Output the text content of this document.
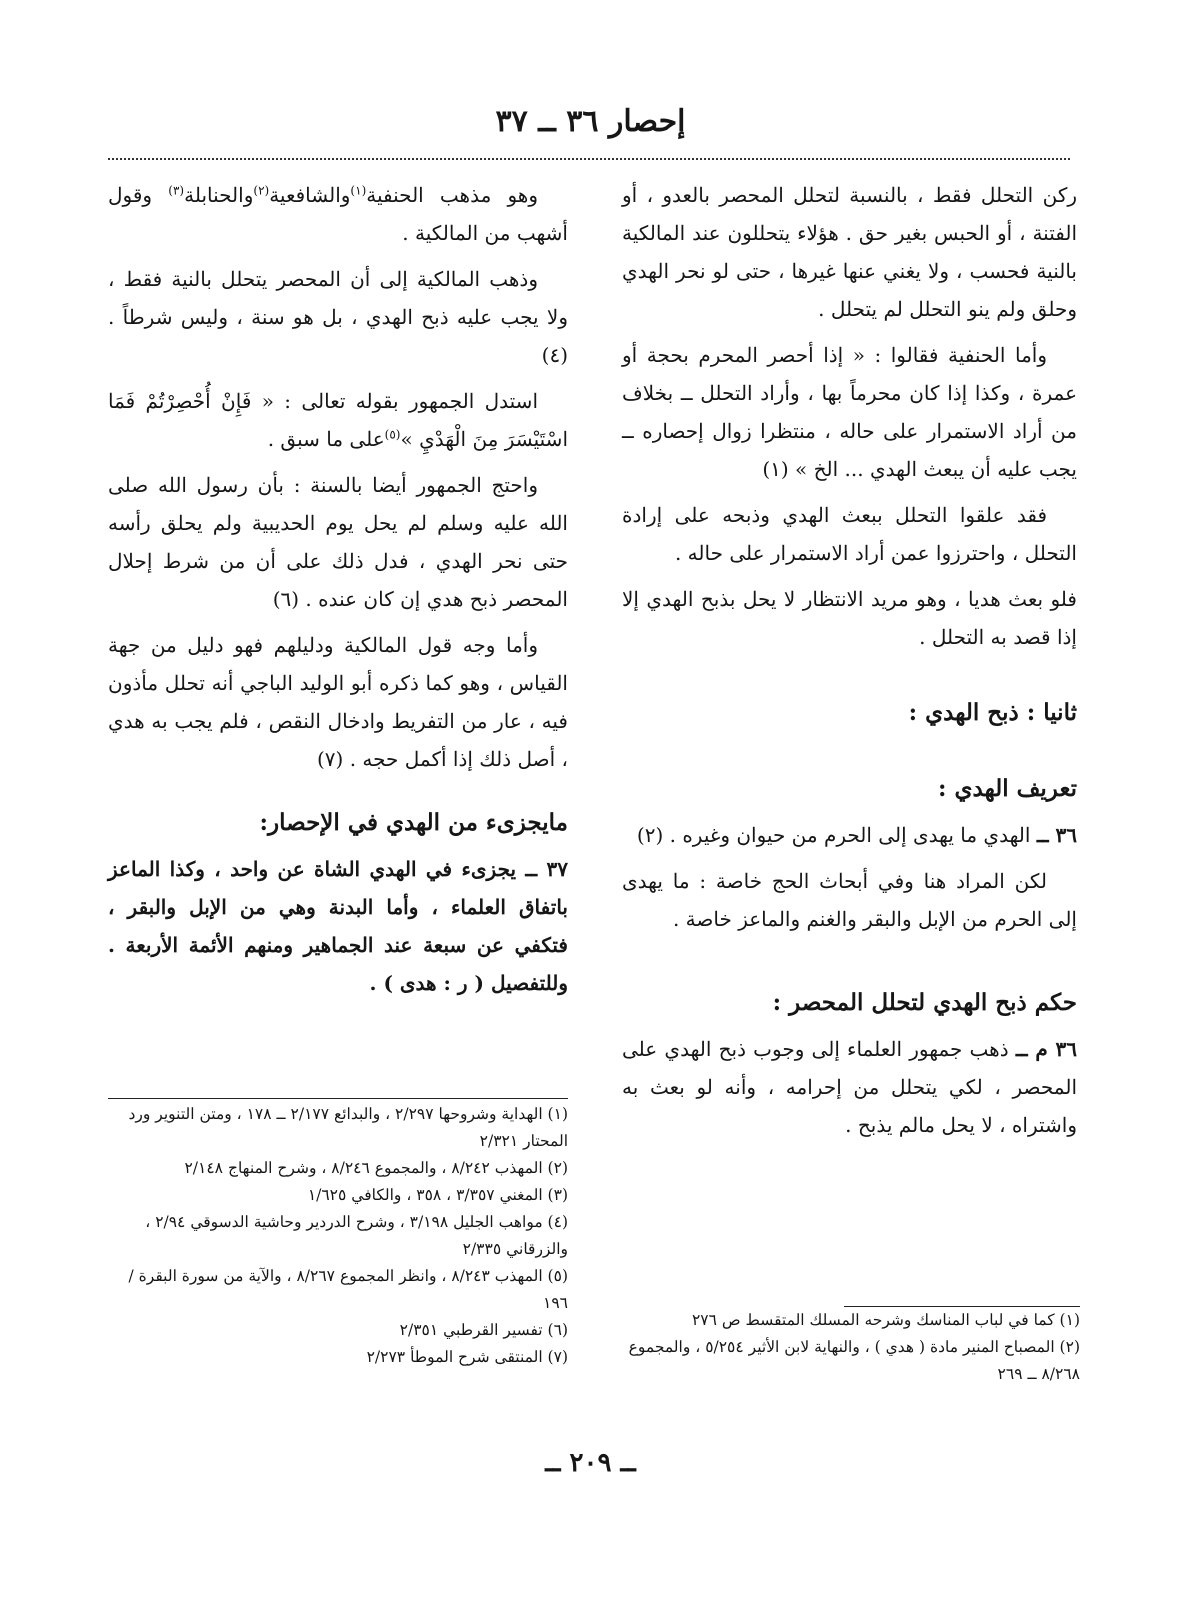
إحصار ٣٦ ــ ٣٧

ركن التحلل فقط ، بالنسبة لتحلل المحصر بالعدو ، أو الفتنة ، أو الحبس بغير حق . هؤلاء يتحللون عند المالكية بالنية فحسب ، ولا يغني عنها غيرها ، حتى لو نحر الهدي وحلق ولم ينو التحلل لم يتحلل .

وأما الحنفية فقالوا : « إذا أحصر المحرم بحجة أو عمرة ، وكذا إذا كان محرماً بها ، وأراد التحلل ــ بخلاف من أراد الاستمرار على حاله ، منتظرا زوال إحصاره ــ يجب عليه أن يبعث الهدي ... الخ » (١)

فقد علقوا التحلل ببعث الهدي وذبحه على إرادة التحلل ، واحترزوا عمن أراد الاستمرار على حاله .

فلو بعث هديا ، وهو مريد الانتظار لا يحل بذبح الهدي إلا إذا قصد به التحلل .

ثانيا : ذبح الهدي :

تعريف الهدي :

٣٦ ــ الهدي ما يهدى إلى الحرم من حيوان وغيره . (٢)

لكن المراد هنا وفي أبحاث الحج خاصة : ما يهدى إلى الحرم من الإبل والبقر والغنم والماعز خاصة .

حكم ذبح الهدي لتحلل المحصر :

٣٦ م ــ ذهب جمهور العلماء إلى وجوب ذبح الهدي على المحصر ، لكي يتحلل من إحرامه ، وأنه لو بعث به واشتراه ، لا يحل مالم يذبح .

وهو مذهب الحنفية$^{(١)}$والشافعية$^{(٢)}$والحنابلة$^{(٣)}$ وقول أشهب من المالكية .

وذهب المالكية إلى أن المحصر يتحلل بالنية فقط ، ولا يجب عليه ذبح الهدي ، بل هو سنة ، وليس شرطاً . (٤)

استدل الجمهور بقوله تعالى : « فَإِنْ أُحْصِرْتُمْ فَمَا اسْتَيْسَرَ مِنَ الْهَدْيِ »$^{(٥)}$على ما سبق .

واحتج الجمهور أيضا بالسنة : بأن رسول الله صلى الله عليه وسلم لم يحل يوم الحديبية ولم يحلق رأسه حتى نحر الهدي ، فدل ذلك على أن من شرط إحلال المحصر ذبح هدي إن كان عنده . (٦)

وأما وجه قول المالكية ودليلهم فهو دليل من جهة القياس ، وهو كما ذكره أبو الوليد الباجي أنه تحلل مأذون فيه ، عار من التفريط وادخال النقص ، فلم يجب به هدي ، أصل ذلك إذا أكمل حجه . (٧)

مايجزىء من الهدي في الإحصار:

٣٧ ــ يجزىء في الهدي الشاة عن واحد ، وكذا الماعز باتفاق العلماء ، وأما البدنة وهي من الإبل والبقر ، فتكفي عن سبعة عند الجماهير ومنهم الأئمة الأربعة . وللتفصيل ( ر : هدى ) .

(١) الهداية وشروحها ٢/٢٩٧ ، والبدائع ٢/١٧٧ ــ ١٧٨ ، ومتن التنوير ورد المحتار ٢/٣٢١
(٢) المهذب ٨/٢٤٢ ، والمجموع ٨/٢٤٦ ، وشرح المنهاج ٢/١٤٨
(٣) المغني ٣/٣٥٧ ، ٣٥٨ ، والكافي ١/٦٢٥
(٤) مواهب الجليل ٣/١٩٨ ، وشرح الدردير وحاشية الدسوقي ٢/٩٤ ، والزرقاني ٢/٣٣٥
(٥) المهذب ٨/٢٤٣ ، وانظر المجموع ٨/٢٦٧ ، والآية من سورة البقرة /١٩٦
(٦) تفسير القرطبي ٢/٣٥١
(٧) المنتقى شرح الموطأ ٢/٢٧٣
(١) كما في لباب المناسك وشرحه المسلك المتقسط ص ٢٧٦
(٢) المصباح المنير مادة ( هدي ) ، والنهاية لابن الأثير ٥/٢٥٤ ، والمجموع ٨/٢٦٨ ــ ٢٦٩
ــ ٢٠٩ ــ
